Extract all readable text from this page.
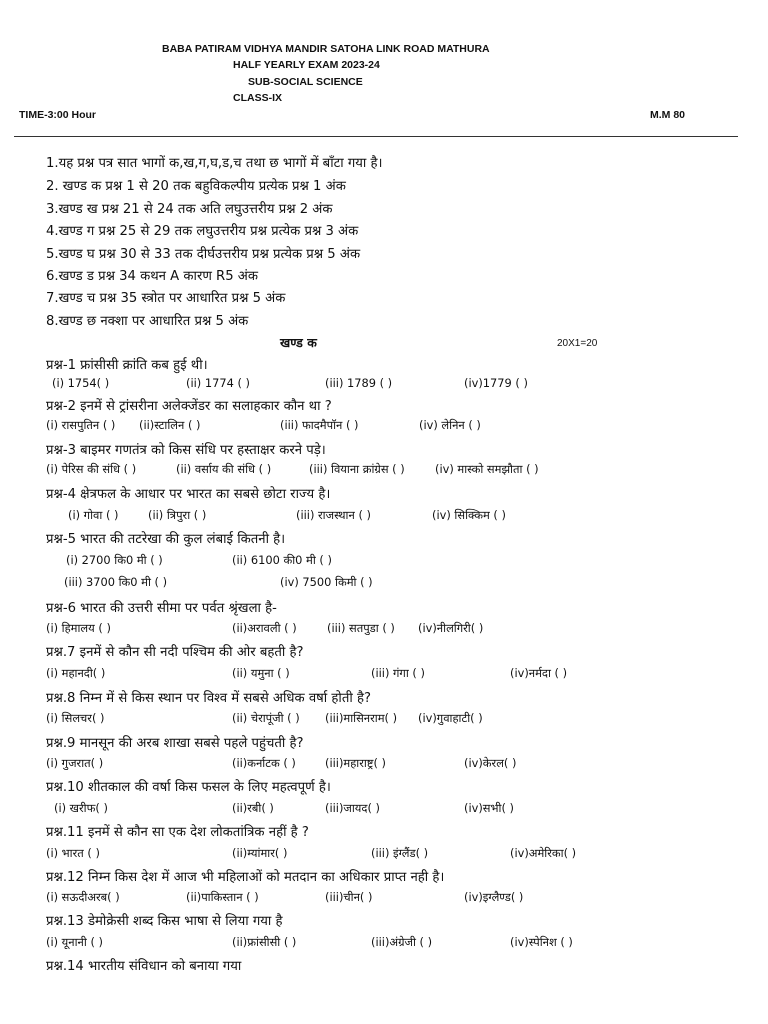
BABA PATIRAM VIDHYA MANDIR SATOHA LINK ROAD MATHURA
HALF YEARLY EXAM 2023-24
SUB-SOCIAL SCIENCE
CLASS-IX
TIME-3:00 Hour	M.M 80
1.यह प्रश्न पत्र सात भागों क,ख,ग,घ,ड,च तथा छ भागों में बाँटा गया है।
2. खण्ड क प्रश्न 1 से 20 तक बहुविकल्पीय प्रत्येक प्रश्न 1 अंक
3.खण्ड ख प्रश्न 21 से 24 तक अति लघुउत्तरीय प्रश्न 2 अंक
4.खण्ड ग प्रश्न 25 से 29 तक लघुउत्तरीय प्रश्न प्रत्येक प्रश्न 3 अंक
5.खण्ड घ प्रश्न 30 से 33 तक दीर्घउत्तरीय प्रश्न प्रत्येक प्रश्न 5 अंक
6.खण्ड ड प्रश्न 34 कथन A कारण R5 अंक
7.खण्ड च प्रश्न 35 स्त्रोत पर आधारित प्रश्न 5 अंक
8.खण्ड छ नक्शा पर आधारित प्रश्न 5 अंक
खण्ड क	20X1=20
प्रश्न-1 फ्रांसीसी क्रांति कब हुई थी।
(i) 1754( )	(ii) 1774 ( )	(iii) 1789 ( )	(iv)1779 ( )
प्रश्न-2 इनमें से ट्रांसरीना अलेक्जेंडर का सलाहकार कौन था ?
(i) रासपुतिन ( ) (ii)स्टालिन ( )	(iii) फादमैपॉन ( )	(iv) लेनिन ( )
प्रश्न-3 बाइमर गणतंत्र को किस संधि पर हस्ताक्षर करने पड़े।
(i) पेरिस की संधि ( )	(ii) वर्साय की संधि ( )	(iii) वियाना क्रांग्रेस ( )	(iv) मास्को समझौता ( )
प्रश्न-4 क्षेत्रफल के आधार पर भारत का सबसे छोटा राज्य है।
(i) गोवा ( )	(ii) त्रिपुरा ( )	(iii) राजस्थान ( )	(iv) सिक्किम ( )
प्रश्न-5 भारत की तटरेखा की कुल लंबाई कितनी है।
(i) 2700 कि0 मी ( )	(ii) 6100 की0 मी ( )
(iii) 3700 कि0 मी ( )	(iv) 7500 किमी ( )
प्रश्न-6 भारत की उत्तरी सीमा पर पर्वत श्रृंखला है-
(i) हिमालय ( )	(ii)अरावली ( )	(iii) सतपुडा ( ) (iv)नीलगिरी( )
प्रश्न.7 इनमें से कौन सी नदी पश्चिम की ओर बहती है?
(i) महानदी( )	(ii) यमुना ( )	(iii) गंगा ( )	(iv)नर्मदा ( )
प्रश्न.8 निम्न में से किस स्थान पर विश्व में सबसे अधिक वर्षा होती है?
(i) सिलचर( )	(ii) चेरापूंजी ( ) (iii)मासिनराम( ) (iv)गुवाहाटी( )
प्रश्न.9 मानसून की अरब शाखा सबसे पहले पहुंचती है?
(i) गुजरात( )	(ii)कर्नाटक ( )	(iii)महाराष्ट्र( )	(iv)केरल( )
प्रश्न.10 शीतकाल की वर्षा किस फसल के लिए महत्वपूर्ण है।
(i) खरीफ( )	(ii)रबी( )	(iii)जायद( )	(iv)सभी( )
प्रश्न.11 इनमें से कौन सा एक देश लोकतांत्रिक नहीं है ?
(i) भारत ( )	(ii)म्यांमार( )	(iii) इंग्लैंड( )	(iv)अमेरिका( )
प्रश्न.12 निम्न किस देश में आज भी महिलाओं को मतदान का अधिकार प्राप्त नही है।
(i) सऊदीअरब( )	(ii)पाकिस्तान ( )	(iii)चीन( )	(iv)इग्लैण्ड( )
प्रश्न.13 डेमोक्रेसी शब्द किस भाषा से लिया गया है
(i) यूनानी ( )	(ii)फ्रांसीसी ( )	(iii)अंग्रेजी ( )	(iv)स्पेनिश ( )
प्रश्न.14 भारतीय संविधान को बनाया गया
